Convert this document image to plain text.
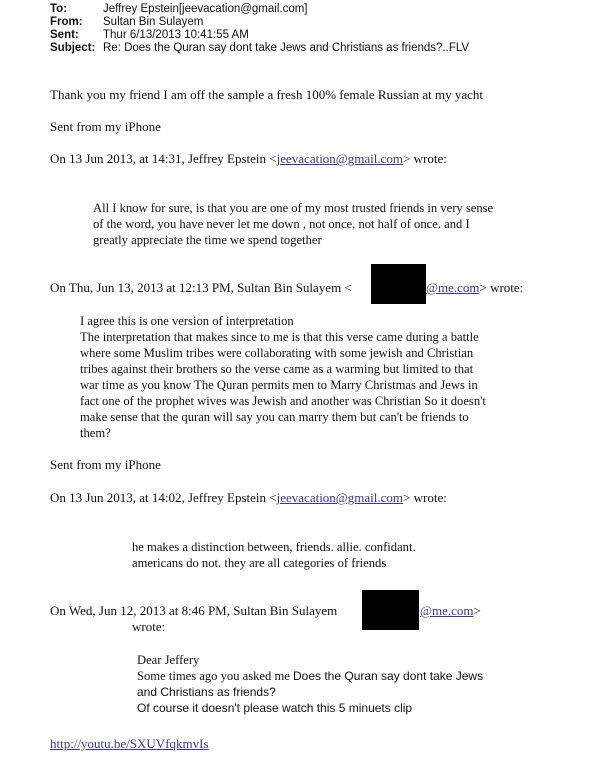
To:	Jeffrey Epstein[jeevacation@gmail.com]
From: Sultan Bin Sulayem
Sent: Thur 6/13/2013 10:41:55 AM
Subject: Re: Does the Quran say dont take Jews and Christians as friends?..FLV
Thank you my friend I am off the sample a fresh 100% female Russian at my yacht
Sent from my iPhone
On 13 Jun 2013, at 14:31, Jeffrey Epstein <jeevacation@gmail.com> wrote:
All I know for sure, is that you are one of my most trusted friends in very sense
of the word, you have never let me down , not once, not half of once. and I
greatly appreciate the time we spend together
On Thu, Jun 13, 2013 at 12:13 PM, Sultan Bin Sulayem <	@me.com> wrote:
I agree this is one version of interpretation
The interpretation that makes since to me is that this verse came during a battle
where some Muslim tribes were collaborating with some jewish and Christian
tribes against their brothers so the verse came as a warming but limited to that
war time as you know The Quran permits men to Marry Christmas and Jews in
fact one of the prophet wives was Jewish and another was Christian So it doesn't
make sense that the quran will say you can marry them but can't be friends to
them?
Sent from my iPhone
On 13 Jun 2013, at 14:02, Jeffrey Epstein <jeevacation@gmail.com> wrote:
he makes a distinction between, friends. allie. confidant.
americans do not. they are all categories of friends
On Wed, Jun 12, 2013 at 8:46 PM, Sultan Bin Sulayem	@me.com>
wrote:
Dear Jeffery
Some times ago you asked me Does the Quran say dont take Jews
and Christians as friends?
Of course it doesn't please watch this 5 minuets clip
http://youtu.be/SXUVfqkmvIs
